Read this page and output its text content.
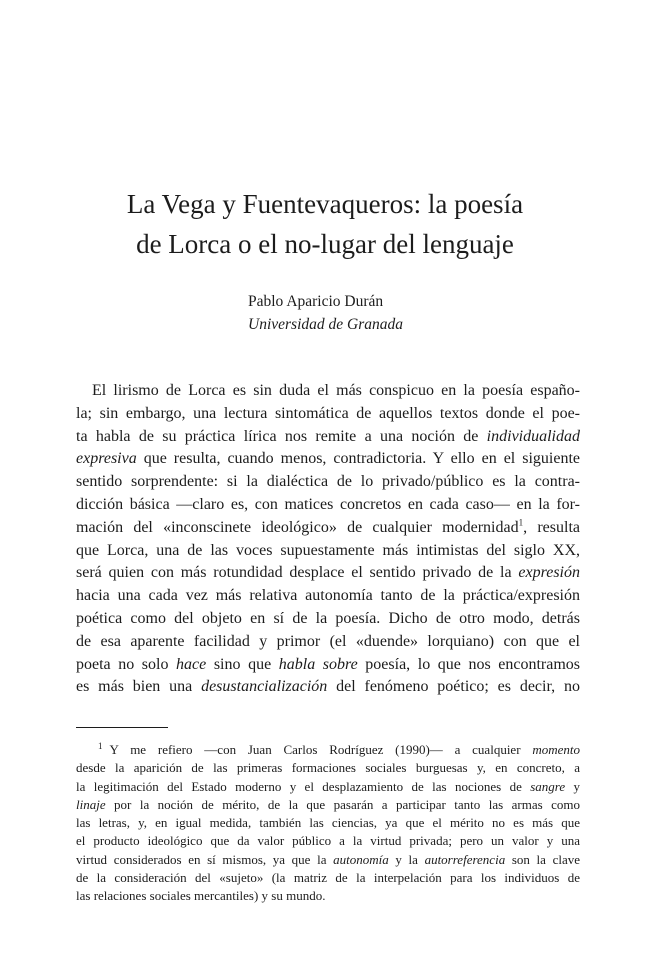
La Vega y Fuentevaqueros: la poesía
de Lorca o el no-lugar del lenguaje
Pablo Aparicio Durán
Universidad de Granada
El lirismo de Lorca es sin duda el más conspicuo en la poesía españo-
la; sin embargo, una lectura sintomática de aquellos textos donde el poe-
ta habla de su práctica lírica nos remite a una noción de individualidad
expresiva que resulta, cuando menos, contradictoria. Y ello en el siguiente
sentido sorprendente: si la dialéctica de lo privado/público es la contra-
dicción básica —claro es, con matices concretos en cada caso— en la for-
mación del «inconscinete ideológico» de cualquier modernidad$^1$, resulta
que Lorca, una de las voces supuestamente más intimistas del siglo XX,
será quien con más rotundidad desplace el sentido privado de la expresión
hacia una cada vez más relativa autonomía tanto de la práctica/expresión
poética como del objeto en sí de la poesía. Dicho de otro modo, detrás
de esa aparente facilidad y primor (el «duende» lorquiano) con que el
poeta no solo hace sino que habla sobre poesía, lo que nos encontramos
es más bien una desustancialización del fenómeno poético; es decir, no
$^1$ Y me refiero —con Juan Carlos Rodríguez (1990)— a cualquier momento
desde la aparición de las primeras formaciones sociales burguesas y, en concreto, a
la legitimación del Estado moderno y el desplazamiento de las nociones de sangre y
linaje por la noción de mérito, de la que pasarán a participar tanto las armas como
las letras, y, en igual medida, también las ciencias, ya que el mérito no es más que
el producto ideológico que da valor público a la virtud privada; pero un valor y una
virtud considerados en sí mismos, ya que la autonomía y la autorreferencia son la clave
de la consideración del «sujeto» (la matriz de la interpelación para los individuos de
las relaciones sociales mercantiles) y su mundo.
